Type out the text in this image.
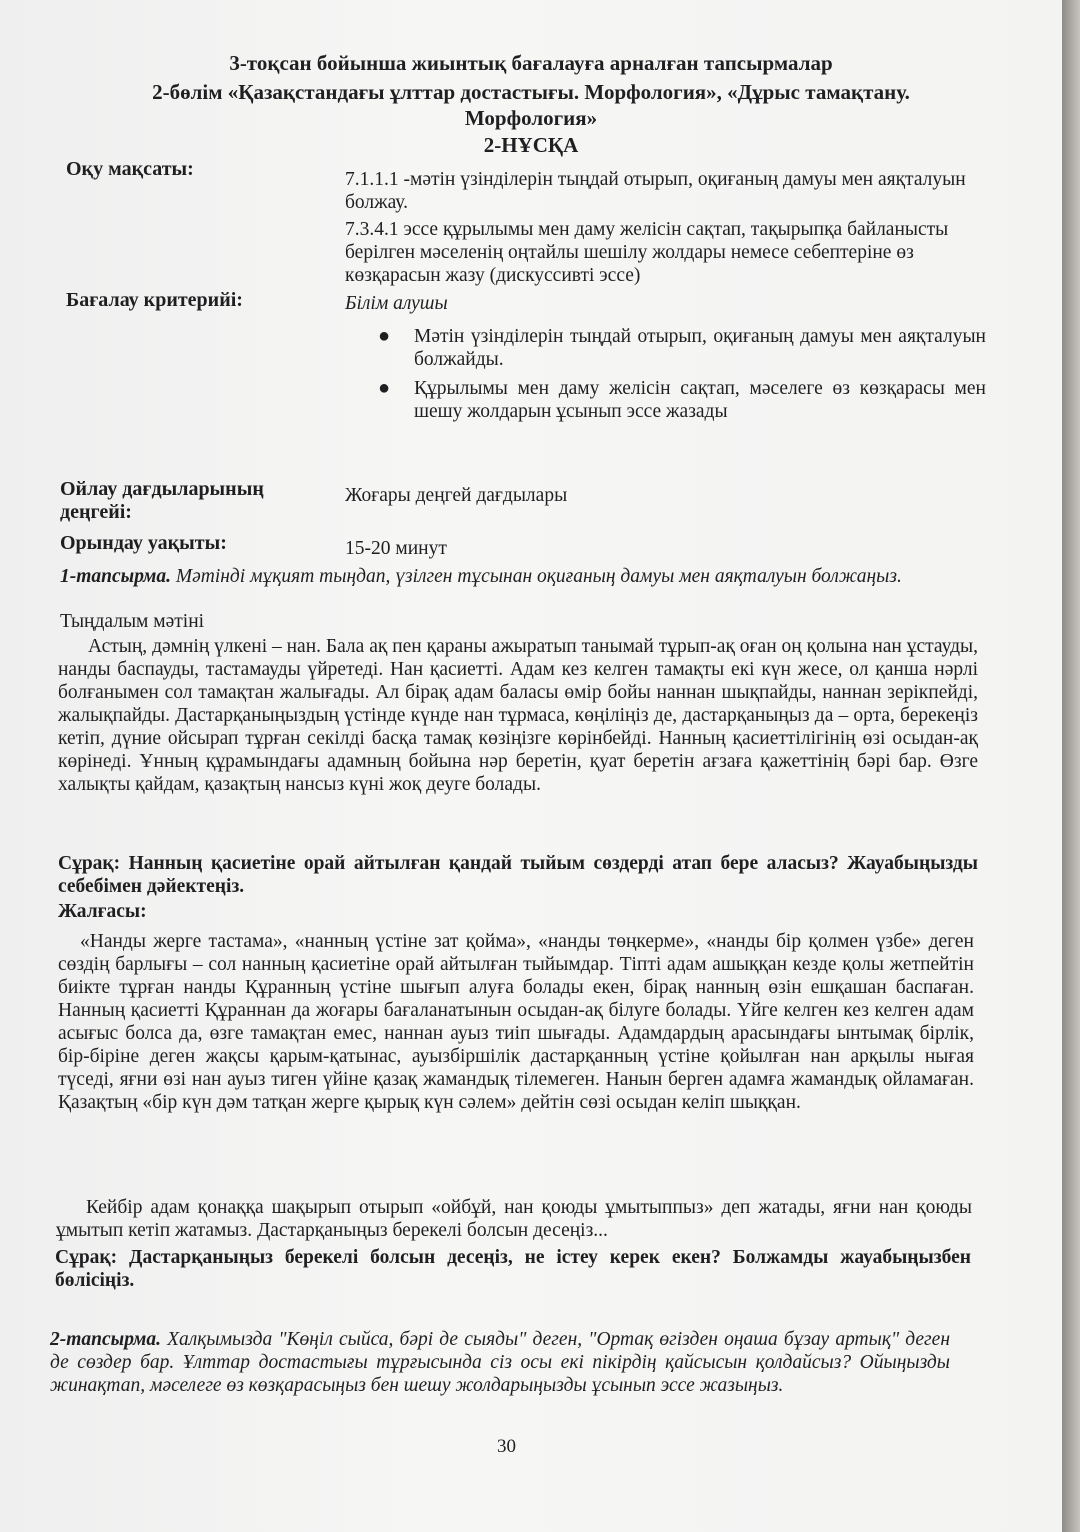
3-тоқсан бойынша жиынтық бағалауға арналған тапсырмалар
2-бөлім «Қазақстандағы ұлттар достастығы. Морфология», «Дұрыс тамақтану.
Морфология»
2-НҰСҚА
Оқу мақсаты:	7.1.1.1 -мәтін үзінділерін тыңдай отырып, оқиғаның дамуы мен аяқталуын болжау.
7.3.4.1 эссе құрылымы мен даму желісін сақтап, тақырыпқа байланысты берілген мәселенің оңтайлы шешілу жолдары немесе себептеріне өз көзқарасын жазу (дискуссивті эссе)
Бағалау критерийі:	Білім алушы
● Мәтін үзінділерін тыңдай отырып, оқиғаның дамуы мен аяқталуын болжайды.
● Құрылымы мен даму желісін сақтап, мәселеге өз көзқарасы мен шешу жолдарын ұсынып эссе жазады
Ойлау дағдыларының деңгейі:
Жоғары деңгей дағдылары
Орындау уақыты:	15-20 минут
1-тапсырма. Мәтінді мұқият тыңдап, үзілген тұсынан оқиғаның дамуы мен аяқталуын болжаңыз.
Тыңдалым мәтіні
Астың, дәмнің үлкені – нан. Бала ақ пен қараны ажыратып танымай тұрып-ақ оған оң қолына нан ұстауды, нанды баспауды, тастамауды үйретеді. Нан қасиетті. Адам кез келген тамақты екі күн жесе, ол қанша нәрлі болғанымен сол тамақтан жалығады. Ал бірақ адам баласы өмір бойы наннан шықпайды, наннан зерікпейді, жалықпайды. Дастарқаныңыздың үстінде күнде нан тұрмаса, көңіліңіз де, дастарқаныңыз да – орта, берекеңіз кетіп, дүние ойсырап тұрған секілді басқа тамақ көзіңізге көрінбейді. Нанның қасиеттілігінің өзі осыдан-ақ көрінеді. Ұнның құрамындағы адамның бойына нәр беретін, қуат беретін ағзаға қажеттінің бәрі бар. Өзге халықты қайдам, қазақтың нансыз күні жоқ деуге болады.
Сұрақ: Нанның қасиетіне орай айтылған қандай тыйым сөздерді атап бере аласыз? Жауабыңызды себебімен дәйектеңіз.
Жалғасы:
«Нанды жерге тастама», «нанның үстіне зат қойма», «нанды төңкерме», «нанды бір қолмен үзбе» деген сөздің барлығы – сол нанның қасиетіне орай айтылған тыйымдар. Тіпті адам ашыққан кезде қолы жетпейтін биікте тұрған нанды Құранның үстіне шығып алуға болады екен, бірақ нанның өзін ешқашан баспаған. Нанның қасиетті Құраннан да жоғары бағаланатынын осыдан-ақ білуге болады. Үйге келген кез келген адам асығыс болса да, өзге тамақтан емес, наннан ауыз тиіп шығады. Адамдардың арасындағы ынтымақ бірлік, бір-біріне деген жақсы қарым-қатынас, ауызбіршілік дастарқанның үстіне қойылған нан арқылы нығая түседі, яғни өзі нан ауыз тиген үйіне қазақ жамандық тілемеген. Нанын берген адамға жамандық ойламаған. Қазақтың «бір күн дәм татқан жерге қырық күн сәлем» дейтін сөзі осыдан келіп шыққан.
Кейбір адам қонаққа шақырып отырып «ойбұй, нан қоюды ұмытыппыз» деп жатады, яғни нан қоюды ұмытып кетіп жатамыз. Дастарқаныңыз берекелі болсын десеңіз...
Сұрақ: Дастарқаныңыз берекелі болсын десеңіз, не істеу керек екен? Болжамды жауабыңызбен бөлісіңіз.
2-тапсырма. Халқымызда "Көңіл сыйса, бәрі де сыяды" деген, "Ортақ өгізден оңаша бұзау артық" деген де сөздер бар. Ұлттар достастығы тұрғысында сіз осы екі пікірдің қайсысын қолдайсыз? Ойыңызды жинақтап, мәселеге өз көзқарасыңыз бен шешу жолдарыңызды ұсынып эссе жазыңыз.
30
